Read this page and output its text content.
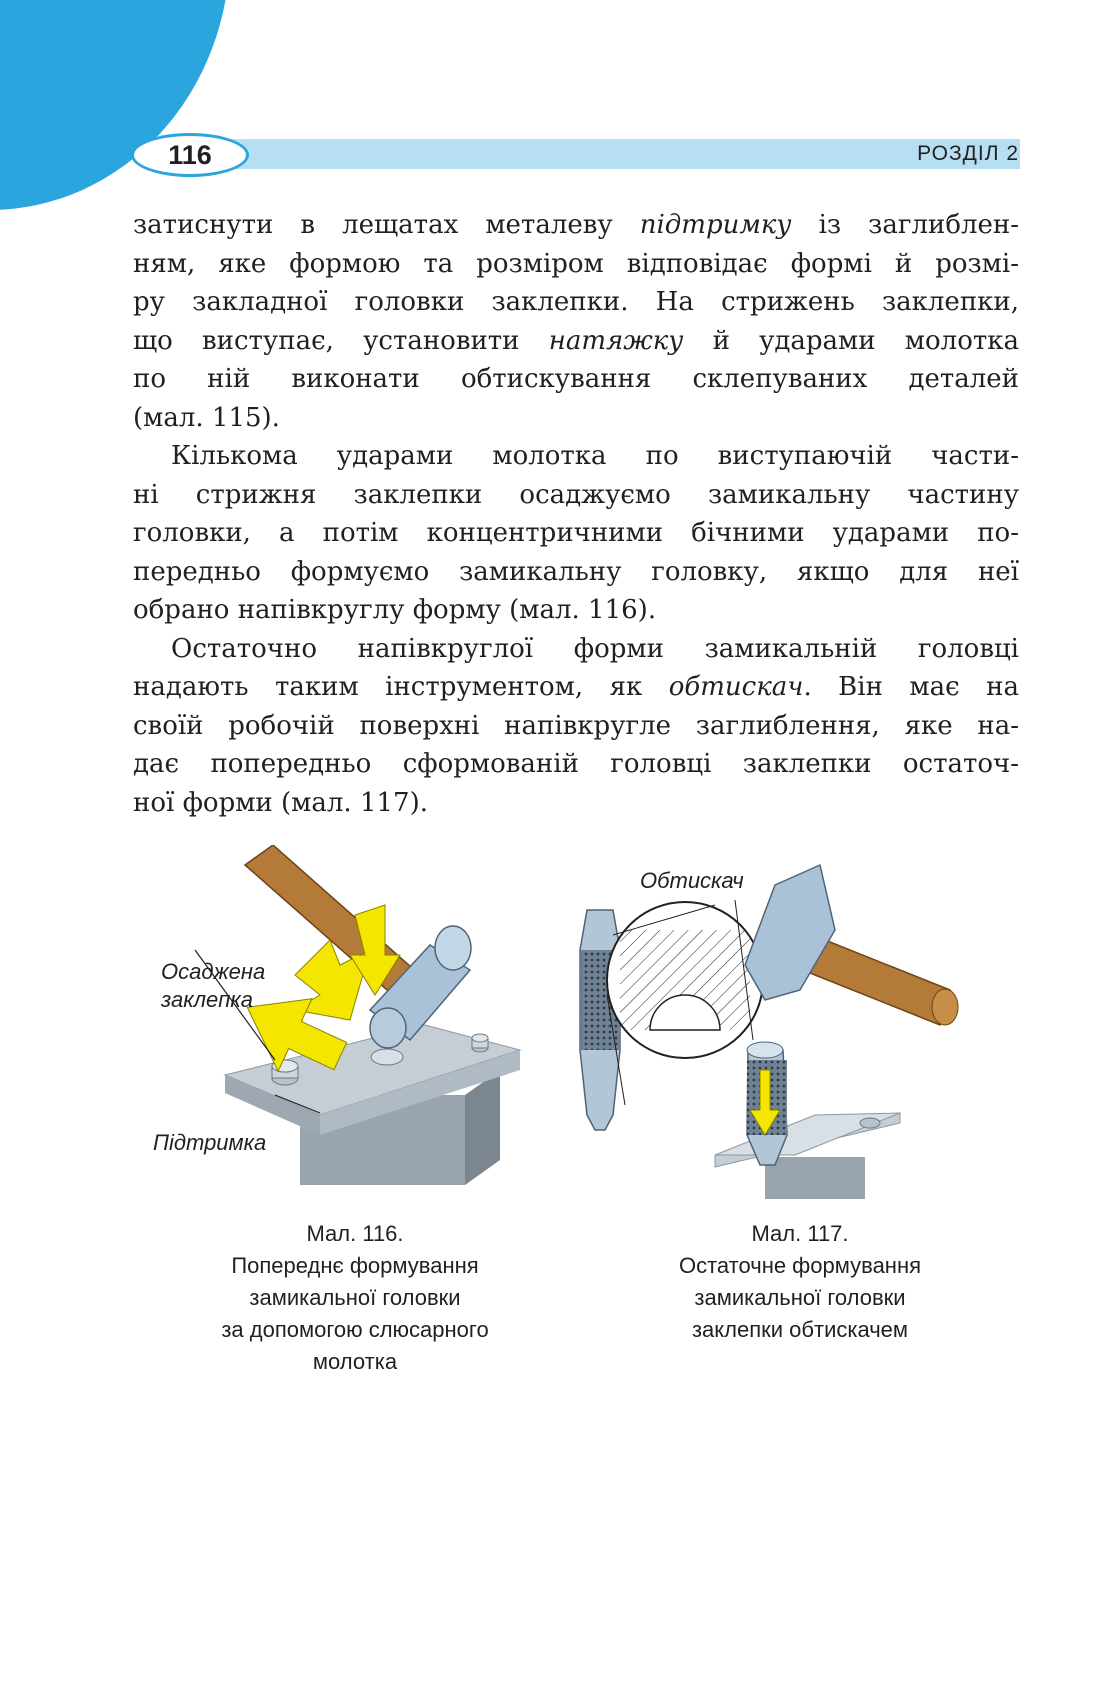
116	РОЗДІЛ 2

затиснути в лещатах металеву підтримку із заглиблен-
ням, яке формою та розміром відповідає формі й розмі-
ру закладної головки заклепки. На стрижень заклепки,
що виступає, установити натяжку й ударами молотка
по ній виконати обтискування склепуваних деталей
(мал. 115).

Кількома ударами молотка по виступаючій части-
ні стрижня заклепки осаджуємо замикальну частину
головки, а потім концентричними бічними ударами по-
передньо формуємо замикальну головку, якщо для неї
обрано напівкруглу форму (мал. 116).

Остаточно напівкруглої форми замикальній головці
надають таким інструментом, як обтискач. Він має на
своїй робочій поверхні напівкругле заглиблення, яке на-
дає попередньо сформованій головці заклепки остаточ-
ної форми (мал. 117).

Осаджена
заклепка
Підтримка
Мал. 116.
Попереднє формування
замикальної головки
за допомогою слюсарного
молотка
Обтискач
Мал. 117.
Остаточне формування
замикальної головки
заклепки обтискачем
